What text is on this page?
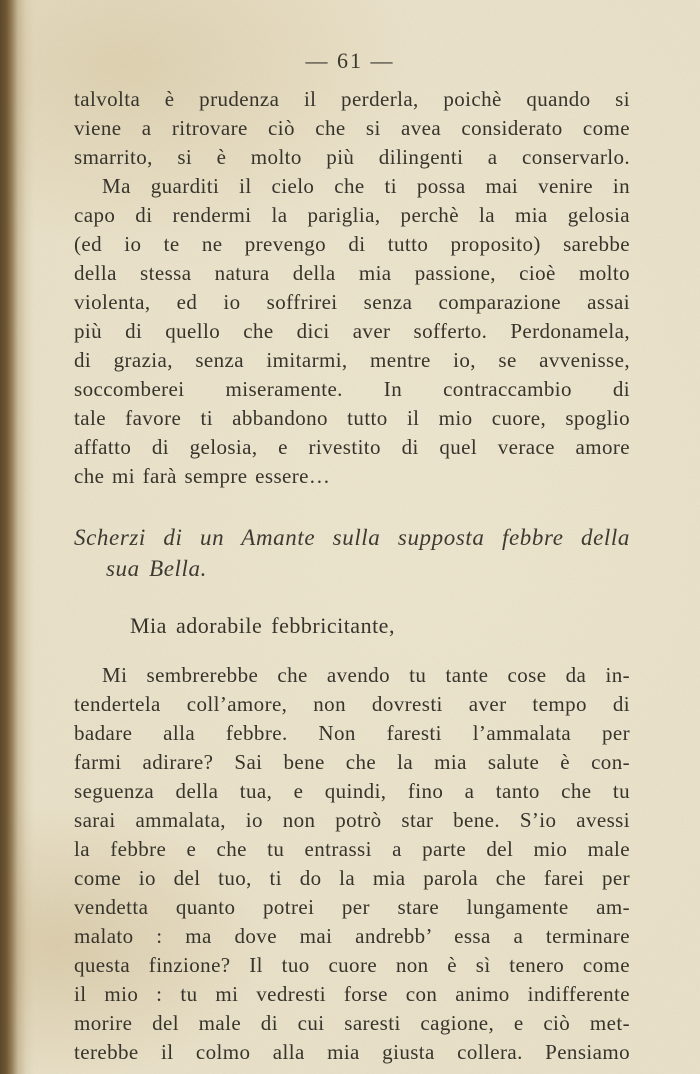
— 61 —
talvolta è prudenza il perderla, poichè quando si
viene a ritrovare ciò che si avea considerato come
smarrito, si è molto più dilingenti a conservarlo.
Ma guarditi il cielo che ti possa mai venire in
capo di rendermi la pariglia, perchè la mia gelosia
(ed io te ne prevengo di tutto proposito) sarebbe
della stessa natura della mia passione, cioè molto
violenta, ed io soffrirei senza comparazione assai
più di quello che dici aver sofferto. Perdonamela,
di grazia, senza imitarmi, mentre io, se avvenisse,
soccomberei miseramente. In contraccambio di
tale favore ti abbandono tutto il mio cuore, spoglio
affatto di gelosia, e rivestito di quel verace amore
che mi farà sempre essere…
Scherzi di un Amante sulla supposta febbre della
sua Bella.
Mia adorabile febbricitante,
Mi sembrerebbe che avendo tu tante cose da in-
tendertela coll’amore, non dovresti aver tempo di
badare alla febbre. Non faresti l’ammalata per
farmi adirare? Sai bene che la mia salute è con-
seguenza della tua, e quindi, fino a tanto che tu
sarai ammalata, io non potrò star bene. S’io avessi
la febbre e che tu entrassi a parte del mio male
come io del tuo, ti do la mia parola che farei per
vendetta quanto potrei per stare lungamente am-
malato : ma dove mai andrebb’ essa a terminare
questa finzione? Il tuo cuore non è sì tenero come
il mio : tu mi vedresti forse con animo indifferente
morire del male di cui saresti cagione, e ciò met-
terebbe il colmo alla mia giusta collera. Pensiamo
